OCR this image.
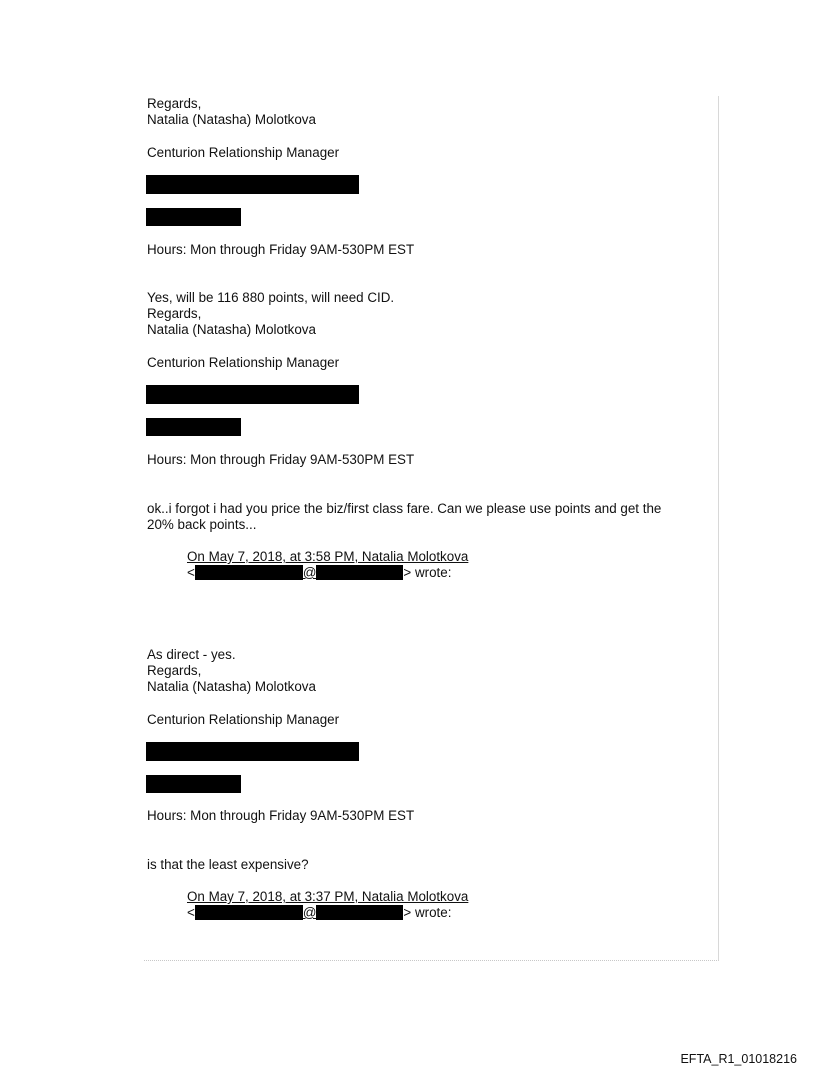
Regards,
Natalia (Natasha) Molotkova
Centurion Relationship Manager
Hours: Mon through Friday 9AM-530PM EST
Yes, will be 116 880 points, will need CID.
Regards,
Natalia (Natasha) Molotkova
Centurion Relationship Manager
Hours: Mon through Friday 9AM-530PM EST
ok..i forgot i had you price the biz/first class fare. Can we please use points and get the
20% back points...
On May 7, 2018, at 3:58 PM, Natalia Molotkova
<	@	> wrote:
As direct - yes.
Regards,
Natalia (Natasha) Molotkova
Centurion Relationship Manager
Hours: Mon through Friday 9AM-530PM EST
is that the least expensive?
On May 7, 2018, at 3:37 PM, Natalia Molotkova
<	@	> wrote:
EFTA_R1_01018216
